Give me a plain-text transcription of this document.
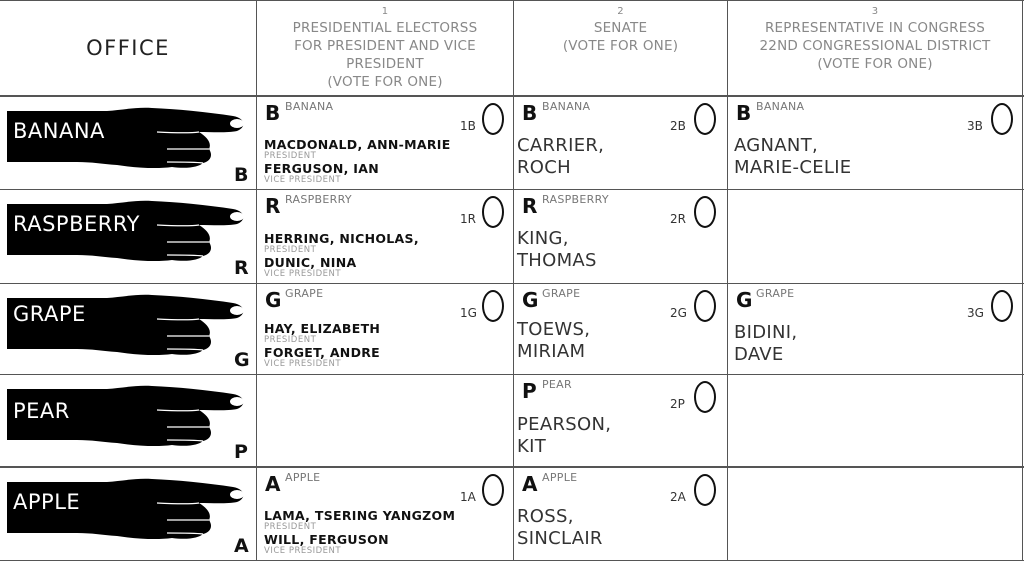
OFFICE
1
PRESIDENTIAL ELECTORSS
FOR PRESIDENT AND VICE
PRESIDENT
(VOTE FOR ONE)
2
SENATE
(VOTE FOR ONE)
3
REPRESENTATIVE IN CONGRESS
22ND CONGRESSIONAL DISTRICT
(VOTE FOR ONE)
BANANA
B
B BANANA
1B
MACDONALD, ANN-MARIE
PRESIDENT
FERGUSON, IAN
VICE PRESIDENT
B BANANA
2B
CARRIER,
ROCH
B BANANA
3B
AGNANT,
MARIE-CELIE
RASPBERRY
R
R RASPBERRY
1R
HERRING, NICHOLAS,
PRESIDENT
DUNIC, NINA
VICE PRESIDENT
R RASPBERRY
2R
KING,
THOMAS
GRAPE
G
G GRAPE
1G
HAY, ELIZABETH
PRESIDENT
FORGET, ANDRE
VICE PRESIDENT
G GRAPE
2G
TOEWS,
MIRIAM
G GRAPE
3G
BIDINI,
DAVE
PEAR
P
P PEAR
2P
PEARSON,
KIT
APPLE
A
A APPLE
1A
LAMA, TSERING YANGZOM
PRESIDENT
WILL, FERGUSON
VICE PRESIDENT
A APPLE
2A
ROSS,
SINCLAIR
